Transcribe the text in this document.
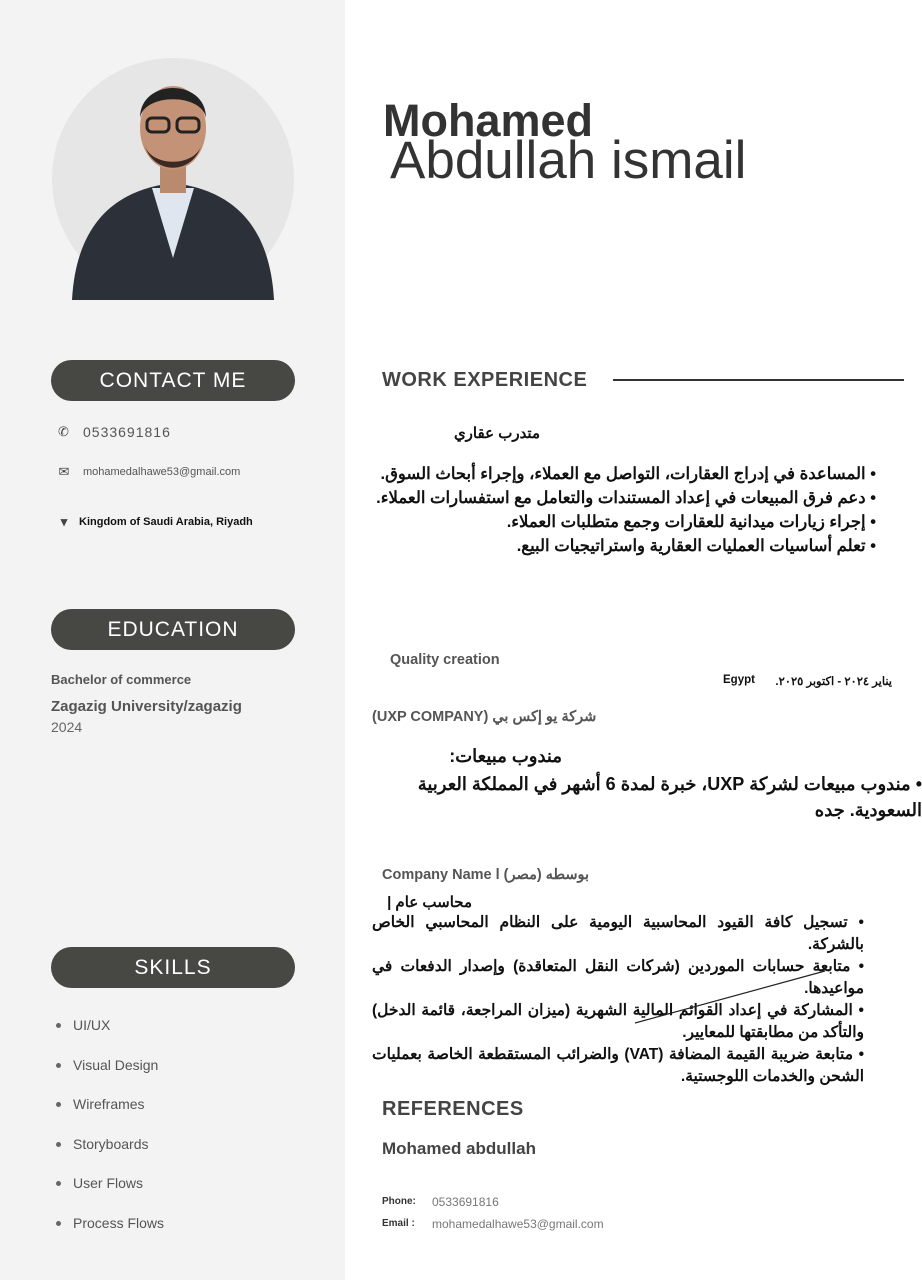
CONTACT ME
✆ 0533691816
✉ mohamedalhawe53@gmail.com
▾	Kingdom of Saudi Arabia, Riyadh
EDUCATION
Bachelor of commerce
Zagazig University/zagazig
2024
SKILLS
UI/UX
Visual Design
Wireframes
Storyboards
User Flows
Process Flows
Mohamed
Abdullah ismail
WORK EXPERIENCE
متدرب عقاري
• المساعدة في إدراج العقارات، التواصل مع العملاء، وإجراء أبحاث السوق.
• دعم فرق المبيعات في إعداد المستندات والتعامل مع استفسارات العملاء.
• إجراء زيارات ميدانية للعقارات وجمع متطلبات العملاء.
• تعلم أساسيات العمليات العقارية واستراتيجيات البيع.
Quality creation
Egypt	يناير ٢٠٢٤ - اكتوبر ٢٠٢٥.
شركة يو إكس بي (UXP COMPANY)
مندوب مبيعات:
• مندوب مبيعات لشركة UXP، خبرة لمدة 6 أشهر في المملكة العربية السعودية. جده
Company Name l (مصر) بوسطه
محاسب عام |
• تسجيل كافة القيود المحاسبية اليومية على النظام المحاسبي الخاص بالشركة.
• متابعة حسابات الموردين (شركات النقل المتعاقدة) وإصدار الدفعات في مواعيدها.
• المشاركة في إعداد القوائم المالية الشهرية (ميزان المراجعة، قائمة الدخل) والتأكد من مطابقتها للمعايير.
• متابعة ضريبة القيمة المضافة (VAT) والضرائب المستقطعة الخاصة بعمليات الشحن والخدمات اللوجستية.
REFERENCES
Mohamed abdullah
Phone: 0533691816
Email : mohamedalhawe53@gmail.com
